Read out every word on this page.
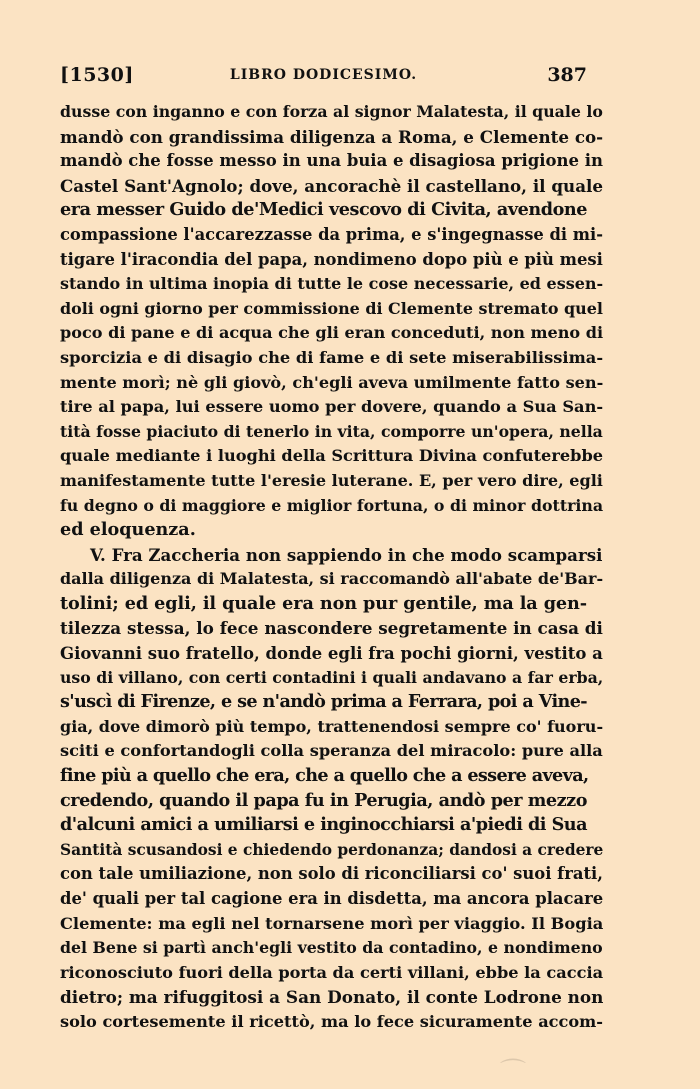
[1530]	LIBRO DODICESIMO.	387
dusse con inganno e con forza al signor Malatesta, il quale lo
mandò con grandissima diligenza a Roma, e Clemente co-
mandò che fosse messo in una buia e disagiosa prigione in
Castel Sant'Agnolo; dove, ancorachè il castellano, il quale
era messer Guido de'Medici vescovo di Civita, avendone
compassione l'accarezzasse da prima, e s'ingegnasse di mi-
tigare l'iracondia del papa, nondimeno dopo più e più mesi
stando in ultima inopia di tutte le cose necessarie, ed essen-
doli ogni giorno per commissione di Clemente stremato quel
poco di pane e di acqua che gli eran conceduti, non meno di
sporcizia e di disagio che di fame e di sete miserabilissima-
mente morì; nè gli giovò, ch'egli aveva umilmente fatto sen-
tire al papa, lui essere uomo per dovere, quando a Sua San-
tità fosse piaciuto di tenerlo in vita, comporre un'opera, nella
quale mediante i luoghi della Scrittura Divina confuterebbe
manifestamente tutte l'eresie luterane. E, per vero dire, egli
fu degno o di maggiore e miglior fortuna, o di minor dottrina
ed eloquenza.
V. Fra Zaccheria non sappiendo in che modo scamparsi
dalla diligenza di Malatesta, si raccomandò all'abate de'Bar-
tolini; ed egli, il quale era non pur gentile, ma la gen-
tilezza stessa, lo fece nascondere segretamente in casa di
Giovanni suo fratello, donde egli fra pochi giorni, vestito a
uso di villano, con certi contadini i quali andavano a far erba,
s'uscì di Firenze, e se n'andò prima a Ferrara, poi a Vine-
gia, dove dimorò più tempo, trattenendosi sempre co' fuoru-
sciti e confortandogli colla speranza del miracolo: pure alla
fine più a quello che era, che a quello che a essere aveva,
credendo, quando il papa fu in Perugia, andò per mezzo
d'alcuni amici a umiliarsi e inginocchiarsi a'piedi di Sua
Santità scusandosi e chiedendo perdonanza; dandosi a credere
con tale umiliazione, non solo di riconciliarsi co' suoi frati,
de' quali per tal cagione era in disdetta, ma ancora placare
Clemente: ma egli nel tornarsene morì per viaggio. Il Bogia
del Bene si partì anch'egli vestito da contadino, e nondimeno
riconosciuto fuori della porta da certi villani, ebbe la caccia
dietro; ma rifuggitosi a San Donato, il conte Lodrone non
solo cortesemente il ricettò, ma lo fece sicuramente accom-
⌒
